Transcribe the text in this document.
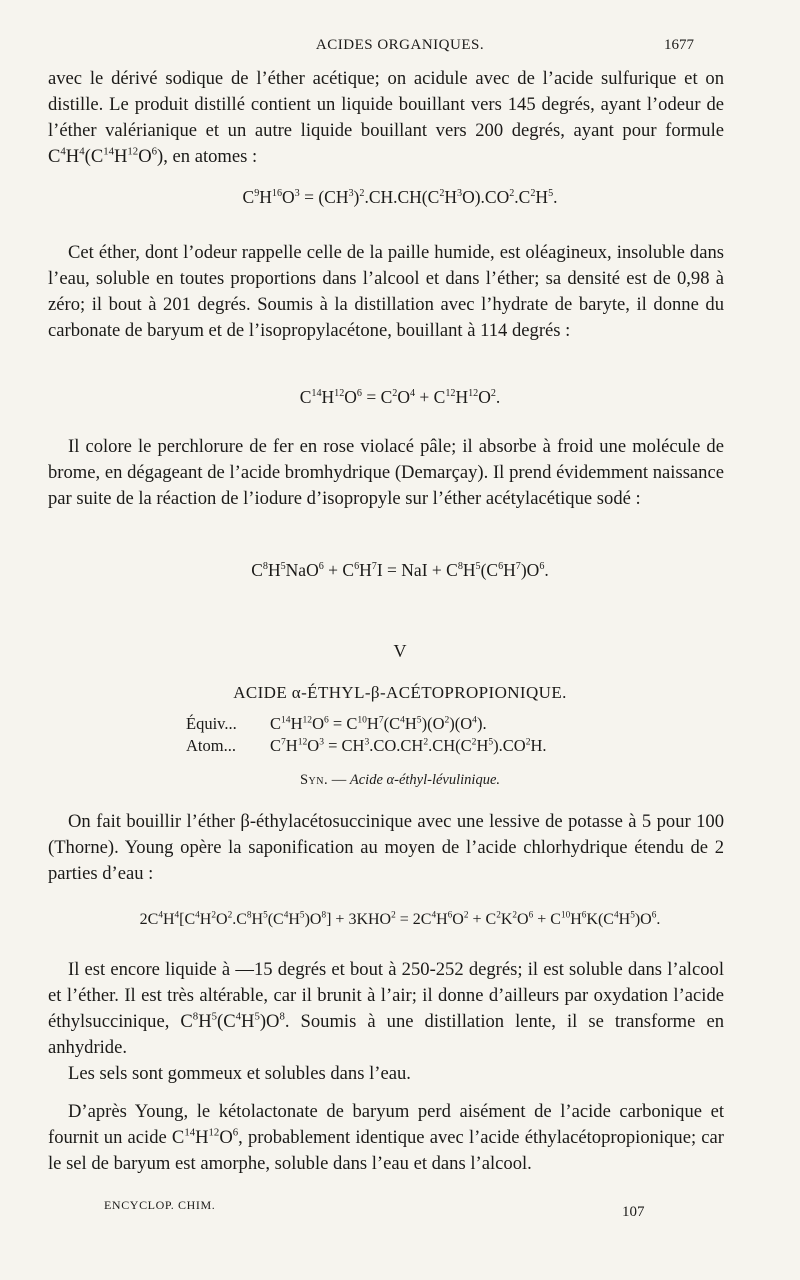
ACIDES ORGANIQUES.	1677

avec le dérivé sodique de l’éther acétique; on acidule avec de l’acide sulfurique et on distille. Le produit distillé contient un liquide bouillant vers 145 degrés, ayant l’odeur de l’éther valérianique et un autre liquide bouillant vers 200 degrés, ayant pour formule $C^4H^4(C^{14}H^{12}O^6)$, en atomes :

$C^9H^{16}O^3 = (CH^3)^2.CH.CH(C^2H^3O).CO^2.C^2H^5$.

Cet éther, dont l’odeur rappelle celle de la paille humide, est oléagineux, insoluble dans l’eau, soluble en toutes proportions dans l’alcool et dans l’éther; sa densité est de 0,98 à zéro; il bout à 201 degrés. Soumis à la distillation avec l’hydrate de baryte, il donne du carbonate de baryum et de l’isopropylacétone, bouillant à 114 degrés :

$C^{14}H^{12}O^6 = C^2O^4 + C^{12}H^{12}O^2$.

Il colore le perchlorure de fer en rose violacé pâle; il absorbe à froid une molécule de brome, en dégageant de l’acide bromhydrique (Demarçay). Il prend évidemment naissance par suite de la réaction de l’iodure d’isopropyle sur l’éther acétylacétique sodé :

$C^8H^5NaO^6 + C^6H^7I$ = NaI + $C^8H^5(C^6H^7)O^6$.
V
ACIDE α-ÉTHYL-β-ACÉTOPROPIONIQUE.
Équiv... $C^{14}H^{12}O^6 = C^{10}H^7(C^4H^5)(O^2)(O^4)$.
Atom... $C^7H^{12}O^3 = CH^3.CO.CH^2.CH(C^2H^5).CO^2H$.
Syn. — Acide α-éthyl-lévulinique.

On fait bouillir l’éther β-éthylacétosuccinique avec une lessive de potasse à 5 pour 100 (Thorne). Young opère la saponification au moyen de l’acide chlorhydrique étendu de 2 parties d’eau :

$2C^4H^4[C^4H^2O^2.C^8H^5(C^4H^5)O^8] + 3KHO^2 = 2C^4H^6O^2 + C^2K^2O^6 + C^{10}H^6K(C^4H^5)O^6$.

Il est encore liquide à —15 degrés et bout à 250-252 degrés; il est soluble dans l’alcool et l’éther. Il est très altérable, car il brunit à l’air; il donne d’ailleurs par oxydation l’acide éthylsuccinique, $C^8H^5(C^4H^5)O^8$. Soumis à une distillation lente, il se transforme en anhydride.

Les sels sont gommeux et solubles dans l’eau.

D’après Young, le kétolactonate de baryum perd aisément de l’acide carbonique et fournit un acide $C^{14}H^{12}O^6$, probablement identique avec l’acide éthylacétopropionique; car le sel de baryum est amorphe, soluble dans l’eau et dans l’alcool.

ENCYCLOP. CHIM.	107
